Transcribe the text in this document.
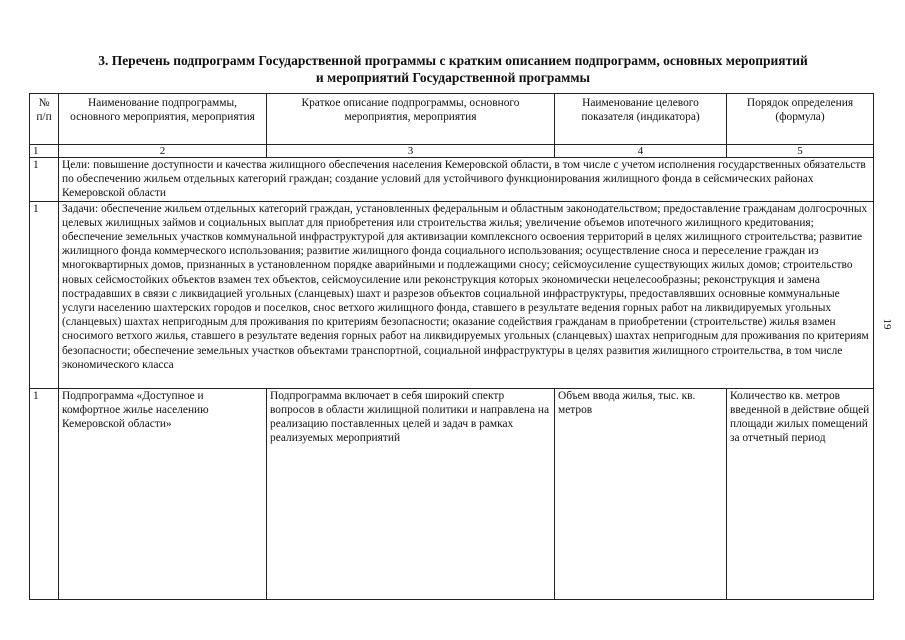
3. Перечень подпрограмм Государственной программы с кратким описанием подпрограмм, основных мероприятий
и мероприятий Государственной программы
№ п/п	Наименование подпрограммы, основного мероприятия, мероприятия	Краткое описание подпрограммы, основного мероприятия, мероприятия	Наименование целевого показателя (индикатора)	Порядок определения (формула)
1	2	3	4	5
1	Цели: повышение доступности и качества жилищного обеспечения населения Кемеровской области, в том числе с учетом исполнения государственных обязательств по обеспечению жильем отдельных категорий граждан; создание условий для устойчивого функционирования жилищного фонда в сейсмических районах Кемеровской области			
1	Задачи: обеспечение жильем отдельных категорий граждан, установленных федеральным и областным законодательством; предоставление гражданам долгосрочных целевых жилищных займов и социальных выплат для приобретения или строительства жилья; увеличение объемов ипотечного жилищного кредитования; обеспечение земельных участков коммунальной инфраструктурой для активизации комплексного освоения территорий в целях жилищного строительства; развитие жилищного фонда коммерческого использования; развитие жилищного фонда социального использования; осуществление сноса и переселение граждан из многоквартирных домов, признанных в установленном порядке аварийными и подлежащими сносу; сейсмоусиление существующих жилых домов; строительство новых сейсмостойких объектов взамен тех объектов, сейсмоусиление или реконструкция которых экономически нецелесообразны; реконструкция и замена пострадавших в связи с ликвидацией угольных (сланцевых) шахт и разрезов объектов социальной инфраструктуры, предоставлявших основные коммунальные услуги населению шахтерских городов и поселков, снос ветхого жилищного фонда, ставшего в результате ведения горных работ на ликвидируемых угольных (сланцевых) шахтах непригодным для проживания по критериям безопасности; оказание содействия гражданам в приобретении (строительстве) жилья взамен сносимого ветхого жилья, ставшего в результате ведения горных работ на ликвидируемых угольных (сланцевых) шахтах непригодным для проживания по критериям безопасности; обеспечение земельных участков объектами транспортной, социальной инфраструктуры в целях развития жилищного строительства, в том числе экономического класса			
1	Подпрограмма «Доступное и комфортное жилье населению Кемеровской области»	Подпрограмма включает в себя широкий спектр вопросов в области жилищной политики и направлена на реализацию поставленных целей и задач в рамках реализуемых мероприятий	Объем ввода жилья, тыс. кв. метров	Количество кв. метров введенной в действие общей площади жилых помещений за отчетный период
19
